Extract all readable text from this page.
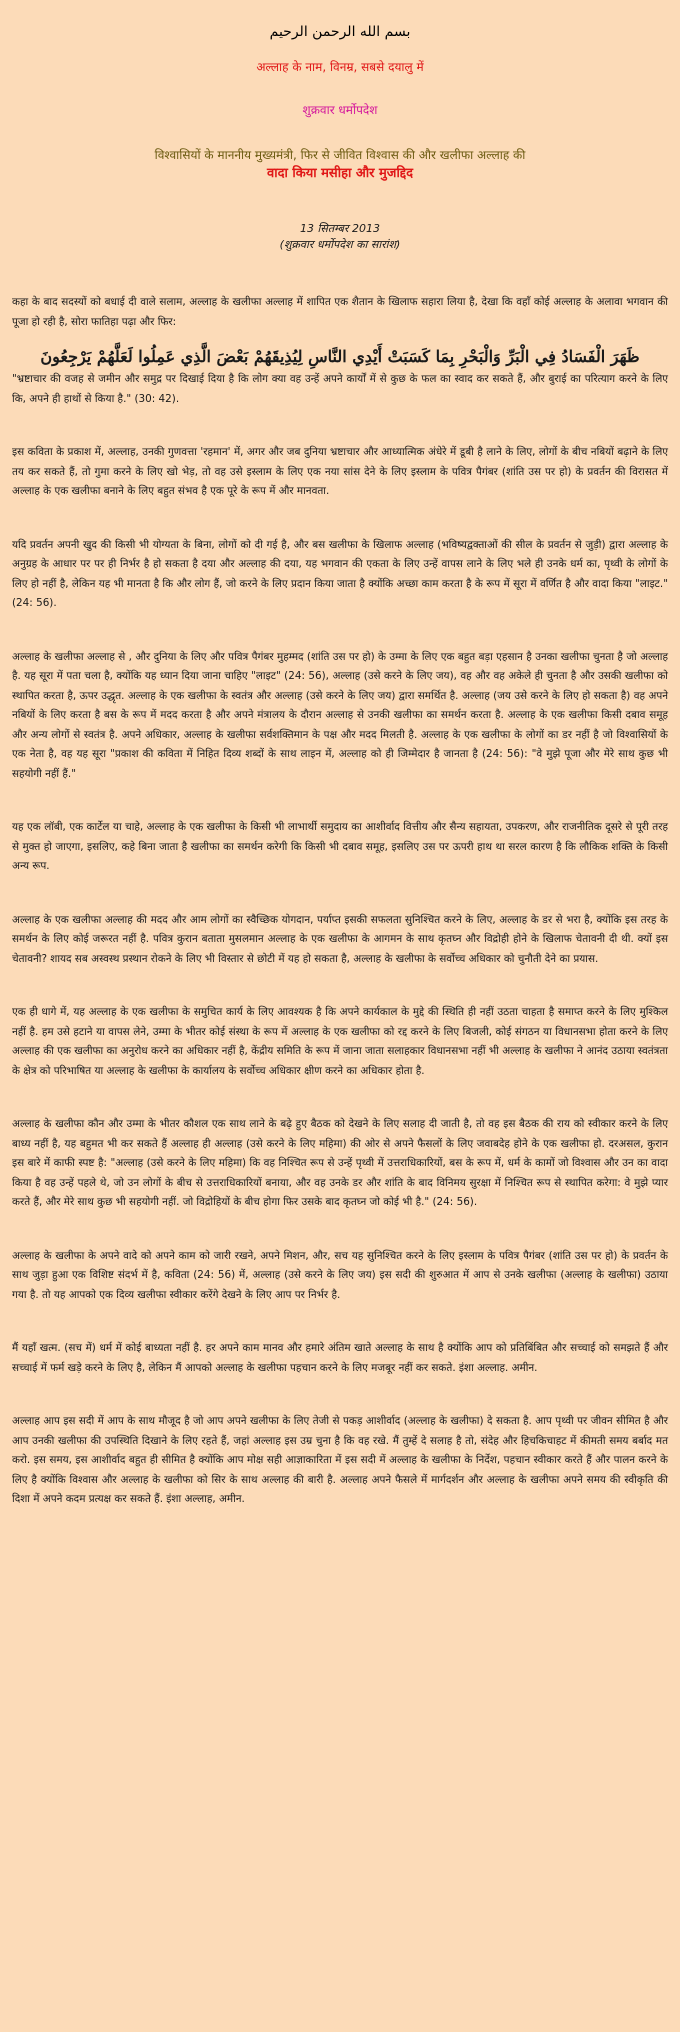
بسم الله الرحمن الرحيم
अल्लाह के नाम, विनम्र, सबसे दयालु में
शुक्रवार धर्मोपदेश
विश्वासियों के माननीय मुख्यमंत्री, फिर से जीवित विश्वास की और खलीफा अल्लाह की
वादा किया मसीहा और मुजद्दिद
13 सितम्बर 2013
(शुक्रवार धर्मोपदेश का सारांश)

कहा के बाद सदस्यों को बधाई दी वाले सलाम, अल्लाह के खलीफा अल्लाह में शापित एक शैतान के खिलाफ सहारा लिया है, देखा कि वहाँ कोई अल्लाह के अलावा भगवान की पूजा हो रही है, सोरा फातिहा पढ़ा और फिर:

ظَهَرَ الْفَسَادُ فِي الْبَرِّ وَالْبَحْرِ بِمَا كَسَبَتْ أَيْدِي النَّاسِ لِيُذِيقَهُمْ بَعْضَ الَّذِي عَمِلُوا لَعَلَّهُمْ يَرْجِعُونَ

"भ्रष्टाचार की वजह से जमीन और समुद्र पर दिखाई दिया है कि लोग क्या वह उन्हें अपने कार्यों में से कुछ के फल का स्वाद कर सकते हैं, और बुराई का परित्याग करने के लिए कि, अपने ही हाथों से किया है." (30: 42).

इस कविता के प्रकाश में, अल्लाह, उनकी गुणवत्ता 'रहमान' में, अगर और जब दुनिया भ्रष्टाचार और आध्यात्मिक अंधेरे में डूबी है लाने के लिए, लोगों के बीच नबियों बढ़ाने के लिए तय कर सकते हैं, तो गुमा करने के लिए खो भेड़, तो वह उसे इस्लाम के लिए एक नया सांस देने के लिए इस्लाम के पवित्र पैगंबर (शांति उस पर हो) के प्रवर्तन की विरासत में अल्लाह के एक खलीफा बनाने के लिए बहुत संभव है एक पूरे के रूप में और मानवता.

यदि प्रवर्तन अपनी खुद की किसी भी योग्यता के बिना, लोगों को दी गई है, और बस खलीफा के खिलाफ अल्लाह (भविष्यद्वक्ताओं की सील के प्रवर्तन से जुड़ी) द्वारा अल्लाह के अनुग्रह के आधार पर पर ही निर्भर है हो सकता है दया और अल्लाह की दया, यह भगवान की एकता के लिए उन्हें वापस लाने के लिए भले ही उनके धर्म का, पृथ्वी के लोगों के लिए हो नहीं है, लेकिन यह भी मानता है कि और लोग हैं, जो करने के लिए प्रदान किया जाता है क्योंकि अच्छा काम करता है के रूप में सूरा में वर्णित है और वादा किया "लाइट." (24: 56).

अल्लाह के खलीफा अल्लाह से , और दुनिया के लिए और पवित्र पैगंबर मुहम्मद (शांति उस पर हो) के उम्मा के लिए एक बहुत बड़ा एहसान है उनका खलीफा चुनता है जो अल्लाह है. यह सूरा में पता चला है, क्योंकि यह ध्यान दिया जाना चाहिए "लाइट" (24: 56), अल्लाह (उसे करने के लिए जय), वह और वह अकेले ही चुनता है और उसकी खलीफा को स्थापित करता है, ऊपर उद्धृत. अल्लाह के एक खलीफा के स्वतंत्र और अल्लाह (उसे करने के लिए जय) द्वारा समर्थित है. अल्लाह (जय उसे करने के लिए हो सकता है) वह अपने नबियों के लिए करता है बस के रूप में मदद करता है और अपने मंत्रालय के दौरान अल्लाह से उनकी खलीफा का समर्थन करता है. अल्लाह के एक खलीफा किसी दबाव समूह और अन्य लोगों से स्वतंत्र है. अपने अधिकार, अल्लाह के खलीफा सर्वशक्तिमान के पक्ष और मदद मिलती है. अल्लाह के एक खलीफा के लोगों का डर नहीं है जो विश्वासियों के एक नेता है, वह यह सूरा "प्रकाश की कविता में निहित दिव्य शब्दों के साथ लाइन में, अल्लाह को ही जिम्मेदार है जानता है (24: 56): "वे मुझे पूजा और मेरे साथ कुछ भी सहयोगी नहीं हैं."

यह एक लॉबी, एक कार्टेल या चाहे, अल्लाह के एक खलीफा के किसी भी लाभार्थी समुदाय का आशीर्वाद वित्तीय और सैन्य सहायता, उपकरण, और राजनीतिक दूसरे से पूरी तरह से मुक्त हो जाएगा, इसलिए, कहे बिना जाता है खलीफा का समर्थन करेगी कि किसी भी दबाव समूह, इसलिए उस पर ऊपरी हाथ था सरल कारण है कि लौकिक शक्ति के किसी अन्य रूप.

अल्लाह के एक खलीफा अल्लाह की मदद और आम लोगों का स्वैच्छिक योगदान, पर्याप्त इसकी सफलता सुनिश्चित करने के लिए, अल्लाह के डर से भरा है, क्योंकि इस तरह के समर्थन के लिए कोई जरूरत नहीं है. पवित्र कुरान बताता मुसलमान अल्लाह के एक खलीफा के आगमन के साथ कृतघ्न और विद्रोही होने के खिलाफ चेतावनी दी थी. क्यों इस चेतावनी? शायद सब अस्वस्थ प्रस्थान रोकने के लिए भी विस्तार से छोटी में यह हो सकता है, अल्लाह के खलीफा के सर्वोच्च अधिकार को चुनौती देने का प्रयास.

एक ही धागे में, यह अल्लाह के एक खलीफा के समुचित कार्य के लिए आवश्यक है कि अपने कार्यकाल के मुद्दे की स्थिति ही नहीं उठता चाहता है समाप्त करने के लिए मुश्किल नहीं है. हम उसे हटाने या वापस लेने, उम्मा के भीतर कोई संस्था के रूप में अल्लाह के एक खलीफा को रद्द करने के लिए बिजली, कोई संगठन या विधानसभा होता करने के लिए अल्लाह की एक खलीफा का अनुरोध करने का अधिकार नहीं है, केंद्रीय समिति के रूप में जाना जाता सलाहकार विधानसभा नहीं भी अल्लाह के खलीफा ने आनंद उठाया स्वतंत्रता के क्षेत्र को परिभाषित या अल्लाह के खलीफा के कार्यालय के सर्वोच्च अधिकार क्षीण करने का अधिकार होता है.

अल्लाह के खलीफा कौन और उम्मा के भीतर कौशल एक साथ लाने के बढ़े हुए बैठक को देखने के लिए सलाह दी जाती है, तो वह इस बैठक की राय को स्वीकार करने के लिए बाध्य नहीं है, यह बहुमत भी कर सकते हैं अल्लाह ही अल्लाह (उसे करने के लिए महिमा) की ओर से अपने फैसलों के लिए जवाबदेह होने के एक खलीफा हो. दरअसल, कुरान इस बारे में काफी स्पष्ट है: "अल्लाह (उसे करने के लिए महिमा) कि वह निश्चित रूप से उन्हें पृथ्वी में उत्तराधिकारियों, बस के रूप में, धर्म के कामों जो विश्वास और उन का वादा किया है वह उन्हें पहले थे, जो उन लोगों के बीच से उत्तराधिकारियों बनाया, और वह उनके डर और शांति के बाद विनिमय सुरक्षा में निश्चित रूप से स्थापित करेगा: वे मुझे प्यार करते हैं, और मेरे साथ कुछ भी सहयोगी नहीं. जो विद्रोहियों के बीच होगा फिर उसके बाद कृतघ्न जो कोई भी है." (24: 56).

अल्लाह के खलीफा के अपने वादे को अपने काम को जारी रखने, अपने मिशन, और, सच यह सुनिश्चित करने के लिए इस्लाम के पवित्र पैगंबर (शांति उस पर हो) के प्रवर्तन के साथ जुड़ा हुआ एक विशिष्ट संदर्भ में है, कविता (24: 56) में, अल्लाह (उसे करने के लिए जय) इस सदी की शुरुआत में आप से उनके खलीफा (अल्लाह के खलीफा) उठाया गया है. तो यह आपको एक दिव्य खलीफा स्वीकार करेंगे देखने के लिए आप पर निर्भर है.

मैं यहाँ खत्म. (सच में) धर्म में कोई बाध्यता नहीं है. हर अपने काम मानव और हमारे अंतिम खाते अल्लाह के साथ है क्योंकि आप को प्रतिबिंबित और सच्चाई को समझते हैं और सच्चाई में फर्म खड़े करने के लिए है, लेकिन मैं आपको अल्लाह के खलीफा पहचान करने के लिए मजबूर नहीं कर सकते. इंशा अल्लाह. अमीन.

अल्लाह आप इस सदी में आप के साथ मौजूद है जो आप अपने खलीफा के लिए तेजी से पकड़ आशीर्वाद (अल्लाह के खलीफा) दे सकता है. आप पृथ्वी पर जीवन सीमित है और आप उनकी खलीफा की उपस्थिति दिखाने के लिए रहते हैं, जहां अल्लाह इस उम्र चुना है कि वह रखे. मैं तुम्हें दे सलाह है तो, संदेह और हिचकिचाहट में कीमती समय बर्बाद मत करो. इस समय, इस आशीर्वाद बहुत ही सीमित है क्योंकि आप मोक्ष सही आज्ञाकारिता में इस सदी में अल्लाह के खलीफा के निर्देश, पहचान स्वीकार करते हैं और पालन करने के लिए है क्योंकि विश्वास और अल्लाह के खलीफा को सिर के साथ अल्लाह की बारी है. अल्लाह अपने फैसले में मार्गदर्शन और अल्लाह के खलीफा अपने समय की स्वीकृति की दिशा में अपने कदम प्रत्यक्ष कर सकते हैं. इंशा अल्लाह, अमीन.
